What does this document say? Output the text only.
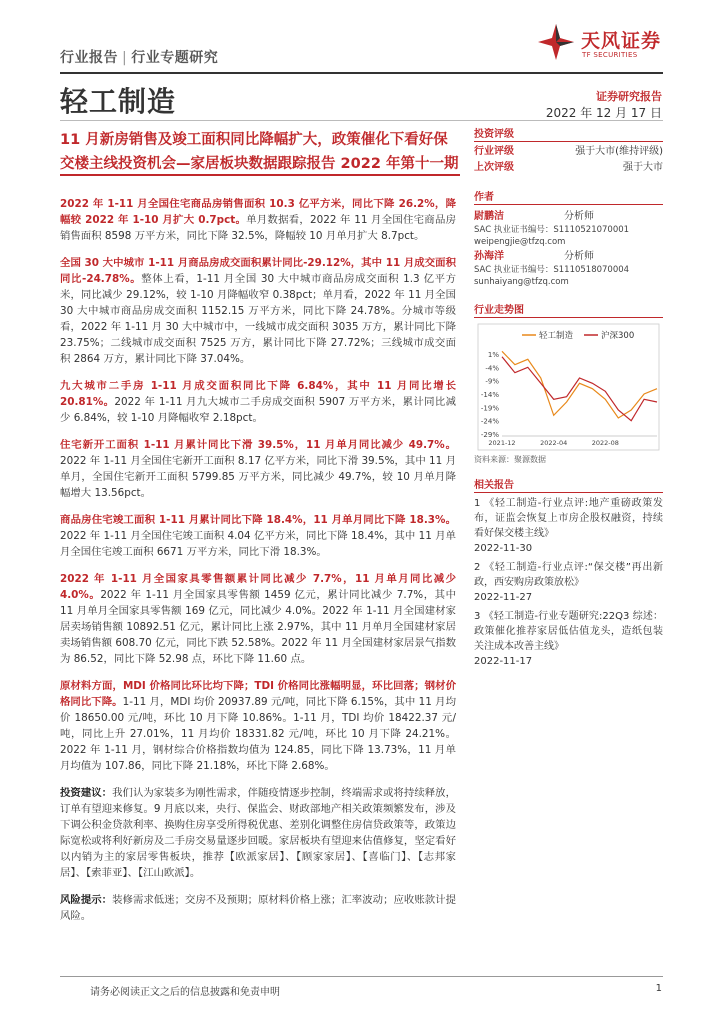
行业报告 | 行业专题研究
天风证券
TF SECURITIES
轻工制造	证券研究报告
2022 年 12 月 17 日
11 月新房销售及竣工面积同比降幅扩大，政策催化下看好保交楼主线投资机会—家居板块数据跟踪报告 2022 年第十一期

2022 年 1-11 月全国住宅商品房销售面积 10.3 亿平方米，同比下降 26.2%，降幅较 2022 年 1-10 月扩大 0.7pct。单月数据看，2022 年 11 月全国住宅商品房销售面积 8598 万平方米，同比下降 32.5%，降幅较 10 月单月扩大 8.7pct。

全国 30 大中城市 1-11 月商品房成交面积累计同比-29.12%，其中 11 月成交面积同比-24.78%。整体上看，1-11 月全国 30 大中城市商品房成交面积 1.3 亿平方米，同比减少 29.12%，较 1-10 月降幅收窄 0.38pct；单月看，2022 年 11 月全国 30 大中城市商品房成交面积 1152.15 万平方米，同比下降 24.78%。分城市等级看，2022 年 1-11 月 30 大中城市中，一线城市成交面积 3035 万方，累计同比下降 23.75%；二线城市成交面积 7525 万方，累计同比下降 27.72%；三线城市成交面积 2864 万方，累计同比下降 37.04%。

九大城市二手房 1-11 月成交面积同比下降 6.84%，其中 11 月同比增长 20.81%。2022 年 1-11 月九大城市二手房成交面积 5907 万平方米，累计同比减少 6.84%，较 1-10 月降幅收窄 2.18pct。

住宅新开工面积 1-11 月累计同比下滑 39.5%，11 月单月同比减少 49.7%。2022 年 1-11 月全国住宅新开工面积 8.17 亿平方米，同比下滑 39.5%，其中 11 月单月，全国住宅新开工面积 5799.85 万平方米，同比减少 49.7%，较 10 月单月降幅增大 13.56pct。

商品房住宅竣工面积 1-11 月累计同比下降 18.4%，11 月单月同比下降 18.3%。2022 年 1-11 月全国住宅竣工面积 4.04 亿平方米，同比下降 18.4%，其中 11 月单月全国住宅竣工面积 6671 万平方米，同比下滑 18.3%。

2022 年 1-11 月全国家具零售额累计同比减少 7.7%，11 月单月同比减少 4.0%。2022 年 1-11 月全国家具零售额 1459 亿元，累计同比减少 7.7%，其中 11 月单月全国家具零售额 169 亿元，同比减少 4.0%。2022 年 1-11 月全国建材家居卖场销售额 10892.51 亿元，累计同比上涨 2.97%，其中 11 月单月全国建材家居卖场销售额 608.70 亿元，同比下跌 52.58%。2022 年 11 月全国建材家居景气指数为 86.52，同比下降 52.98 点，环比下降 11.60 点。

原材料方面，MDI 价格同比环比均下降；TDI 价格同比涨幅明显，环比回落；钢材价格同比下降。1-11 月，MDI 均价 20937.89 元/吨，同比下降 6.15%，其中 11 月均价 18650.00 元/吨，环比 10 月下降 10.86%。1-11 月，TDI 均价 18422.37 元/吨，同比上升 27.01%，11 月均价 18331.82 元/吨，环比 10 月下降 24.21%。2022 年 1-11 月，钢材综合价格指数均值为 124.85，同比下降 13.73%，11 月单月均值为 107.86，同比下降 21.18%，环比下降 2.68%。

投资建议：我们认为家装多为刚性需求，伴随疫情逐步控制，终端需求或将持续释放，订单有望迎来修复。9 月底以来，央行、保监会、财政部地产相关政策频繁发布，涉及下调公积金贷款利率、换购住房享受所得税优惠、差别化调整住房信贷政策等，政策边际宽松或将利好新房及二手房交易量逐步回暖。家居板块有望迎来估值修复，坚定看好以内销为主的家居零售板块，推荐【欧派家居】、【顾家家居】、【喜临门】、【志邦家居】、【索菲亚】、【江山欧派】。

风险提示：装修需求低迷；交房不及预期；原材料价格上涨；汇率波动；应收账款计提风险。

投资评级
行业评级	强于大市(维持评级)
上次评级	强于大市
作者
尉鹏洁	分析师
SAC 执业证书编号：S1110521070001
weipengjie@tfzq.com
孙海洋	分析师
SAC 执业证书编号：S1110518070004
sunhaiyang@tfzq.com
行业走势图
轻工制造	沪深300
1%
-4%
-9%
-14%
-19%
-24%
-29%
2021-12	2022-04	2022-08
资料来源：聚源数据
相关报告
1 《轻工制造-行业点评:地产重磅政策发布，证监会恢复上市房企股权融资，持续看好保交楼主线》
2022-11-30
2 《轻工制造-行业点评:“保交楼”再出新政，西安购房政策放松》
2022-11-27
3 《轻工制造-行业专题研究:22Q3 综述：政策催化推荐家居低估值龙头，造纸包装关注成本改善主线》
2022-11-17
请务必阅读正文之后的信息披露和免责申明	1
